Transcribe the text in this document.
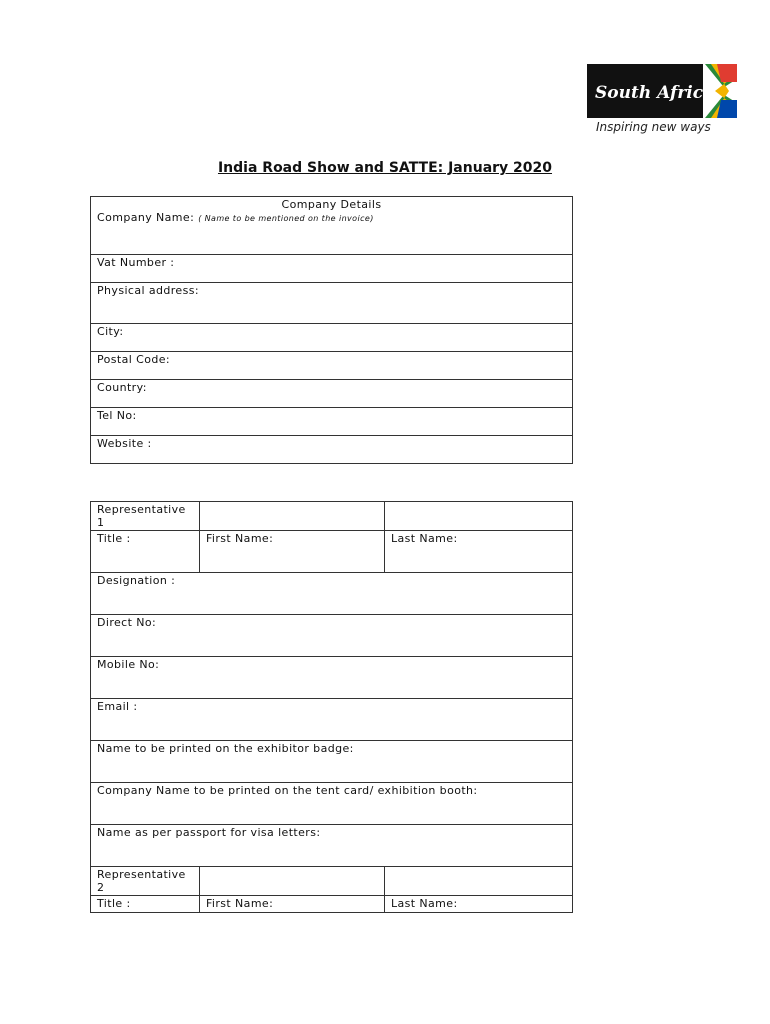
South Africa
Inspiring new ways
India Road Show and SATTE: January 2020
Company Details
Company Name: ( Name to be mentioned on the invoice)
Vat Number :
Physical address:
City:
Postal Code:
Country:
Tel No:
Website :
Representative 1		
Title :	First Name:	Last Name:
Designation :		
Direct No:		
Mobile No:		
Email :		
Name to be printed on the exhibitor badge:		
Company Name to be printed on the tent card/ exhibition booth:		
Name as per passport for visa letters:		
Representative 2		
Title :	First Name:	Last Name:
